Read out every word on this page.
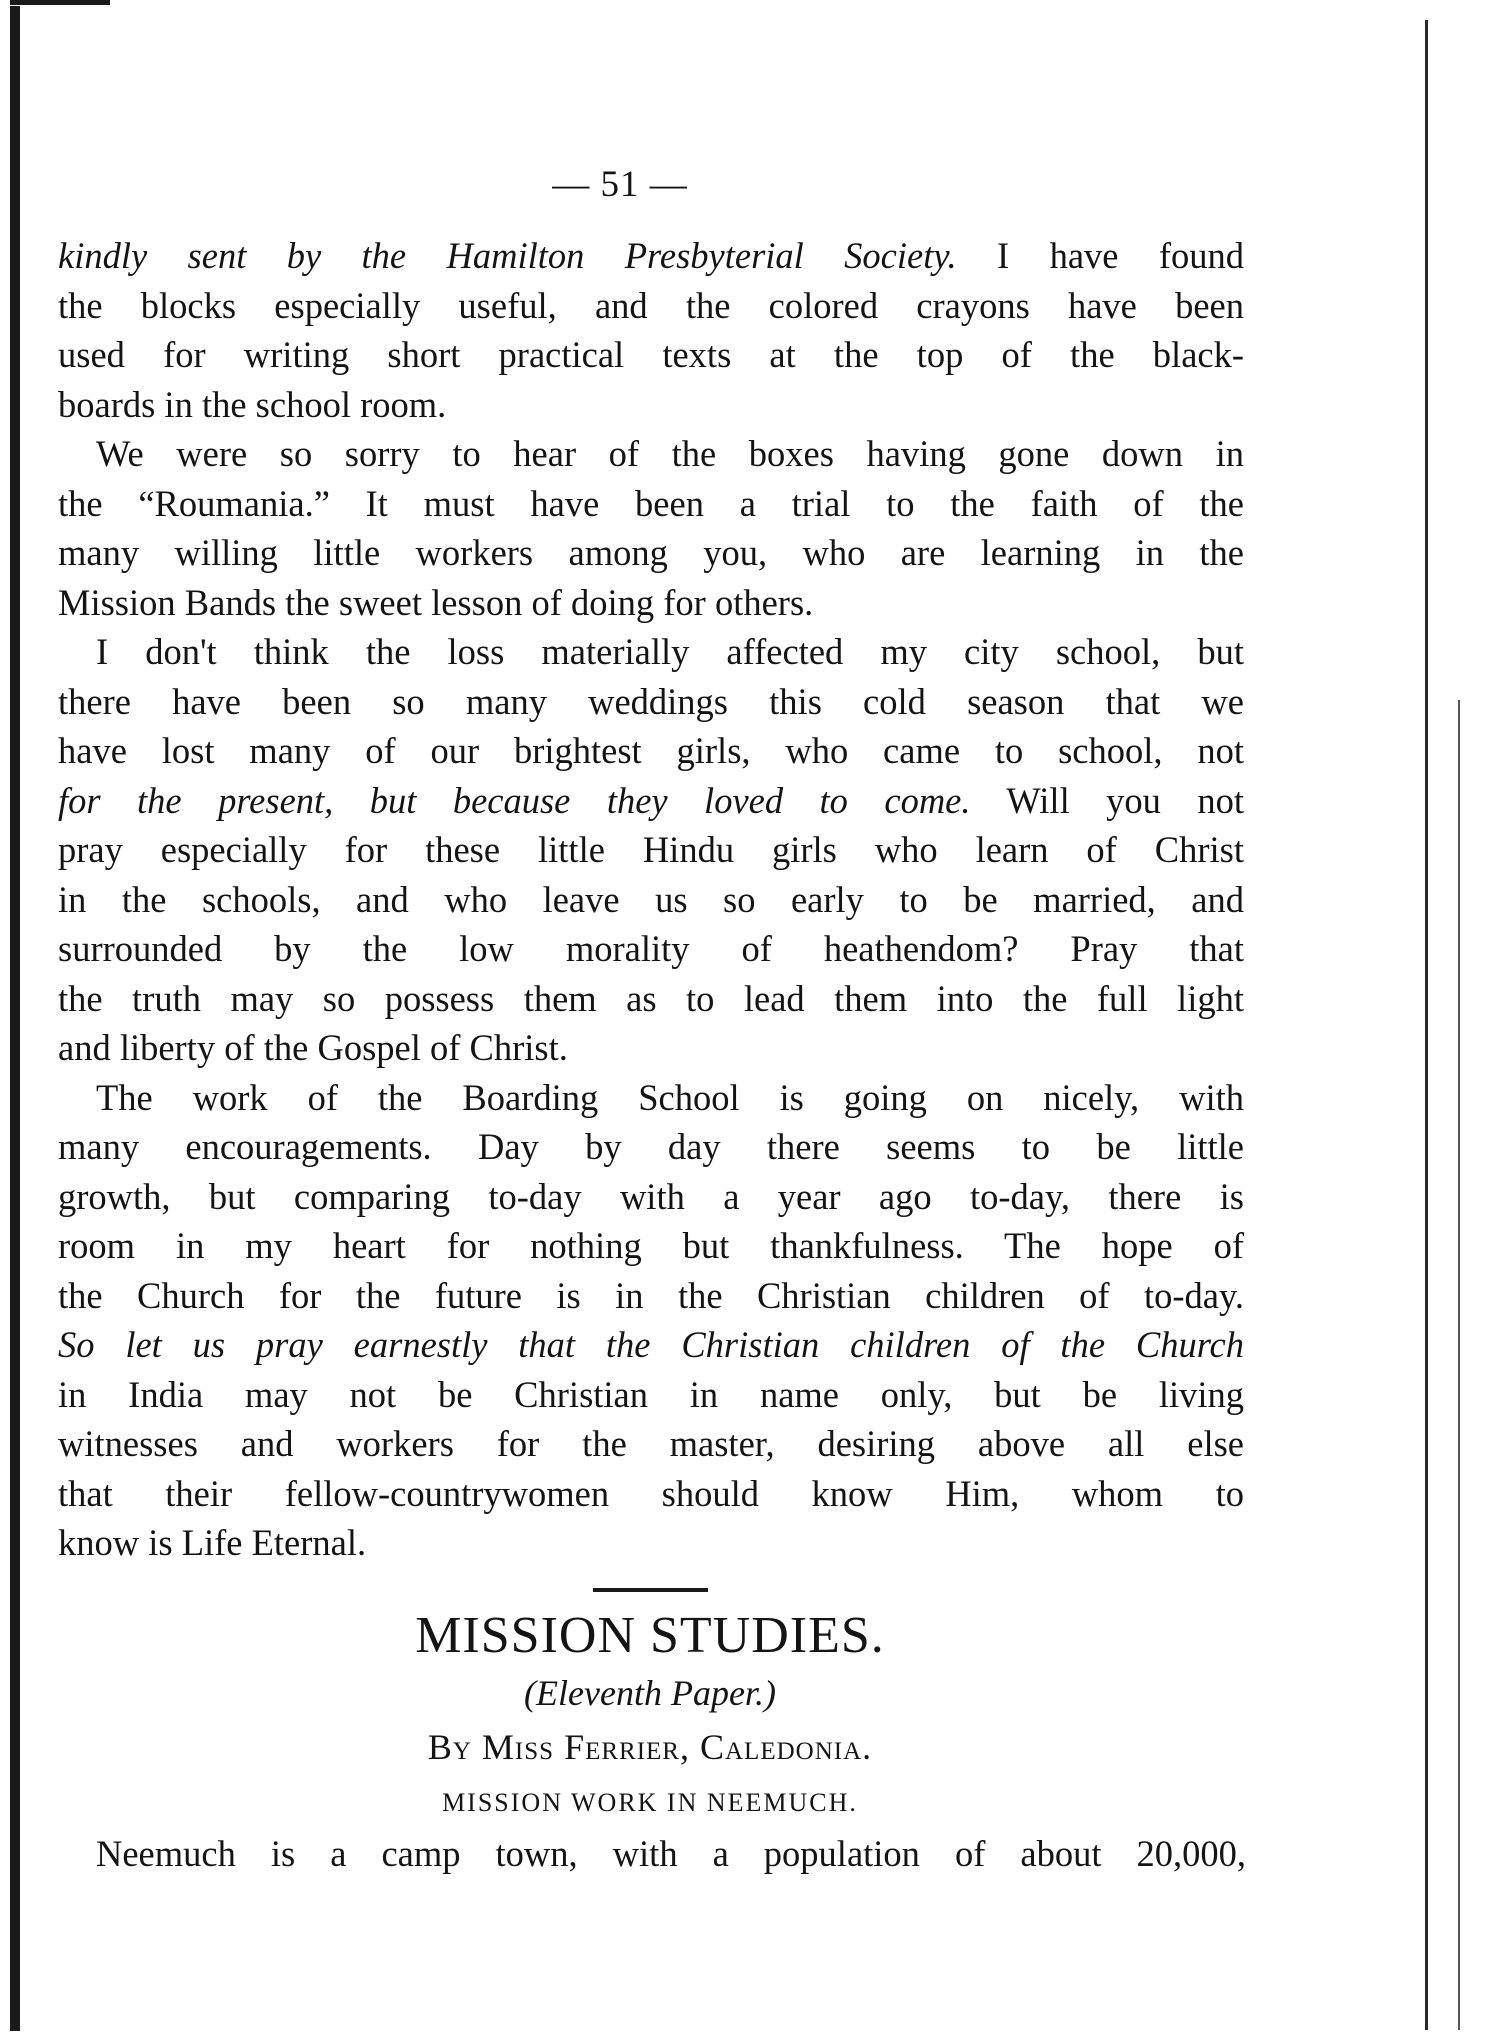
— 51 —
kindly sent by the Hamilton Presbyterial Society. I have found
the blocks especially useful, and the colored crayons have been
used for writing short practical texts at the top of the black-
boards in the school room.
We were so sorry to hear of the boxes having gone down in
the “Roumania.” It must have been a trial to the faith of the
many willing little workers among you, who are learning in the
Mission Bands the sweet lesson of doing for others.
I don't think the loss materially affected my city school, but
there have been so many weddings this cold season that we
have lost many of our brightest girls, who came to school, not
for the present, but because they loved to come. Will you not
pray especially for these little Hindu girls who learn of Christ
in the schools, and who leave us so early to be married, and
surrounded by the low morality of heathendom? Pray that
the truth may so possess them as to lead them into the full light
and liberty of the Gospel of Christ.
The work of the Boarding School is going on nicely, with
many encouragements. Day by day there seems to be little
growth, but comparing to-day with a year ago to-day, there is
room in my heart for nothing but thankfulness. The hope of
the Church for the future is in the Christian children of to-day.
So let us pray earnestly that the Christian children of the Church
in India may not be Christian in name only, but be living
witnesses and workers for the master, desiring above all else
that their fellow-countrywomen should know Him, whom to
know is Life Eternal.
MISSION STUDIES.
(Eleventh Paper.)
By Miss Ferrier, Caledonia.
MISSION WORK IN NEEMUCH.
Neemuch is a camp town, with a population of about 20,000,
